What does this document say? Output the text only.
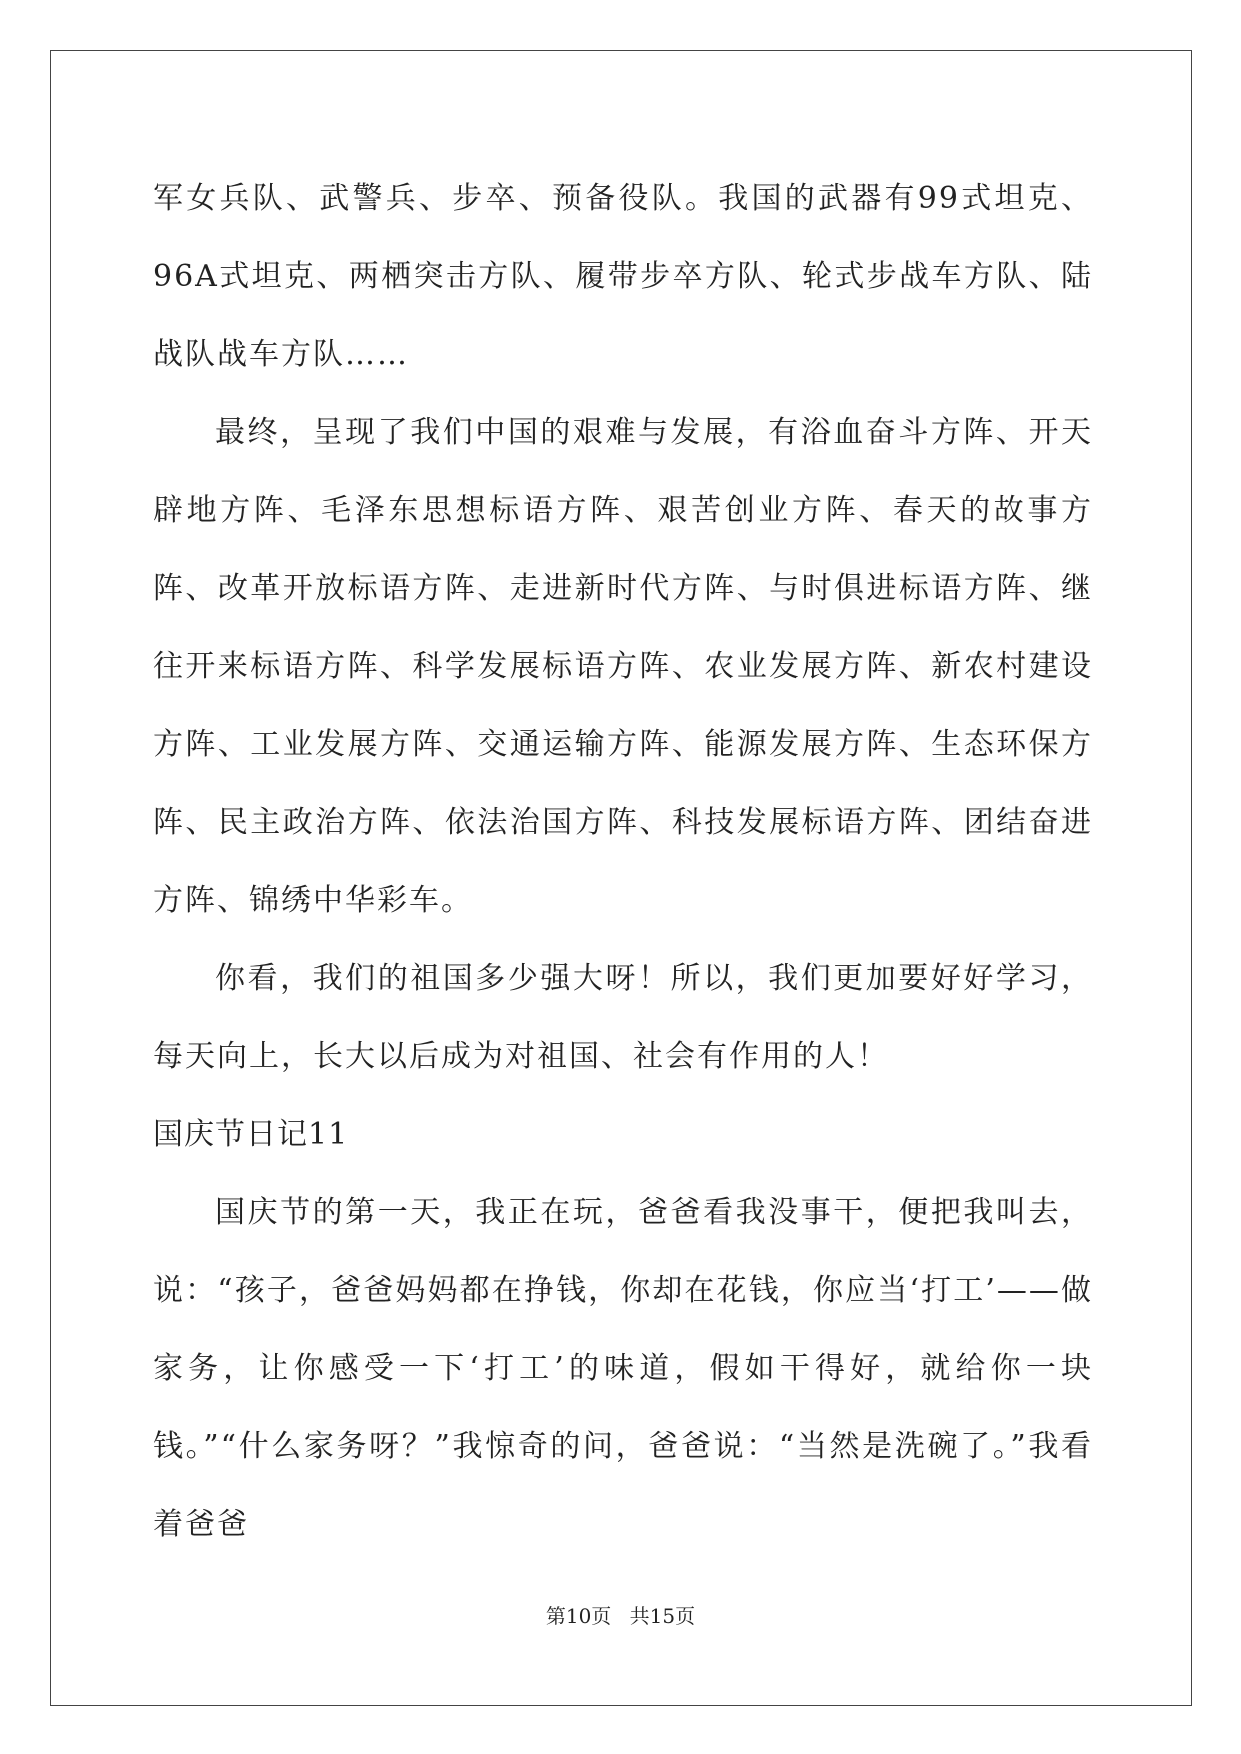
军女兵队、武警兵、步卒、预备役队。我国的武器有99式坦克、96A式坦克、两栖突击方队、履带步卒方队、轮式步战车方队、陆战队战车方队……

最终，呈现了我们中国的艰难与发展，有浴血奋斗方阵、开天辟地方阵、毛泽东思想标语方阵、艰苦创业方阵、春天的故事方阵、改革开放标语方阵、走进新时代方阵、与时俱进标语方阵、继往开来标语方阵、科学发展标语方阵、农业发展方阵、新农村建设方阵、工业发展方阵、交通运输方阵、能源发展方阵、生态环保方阵、民主政治方阵、依法治国方阵、科技发展标语方阵、团结奋进方阵、锦绣中华彩车。

你看，我们的祖国多少强大呀！所以，我们更加要好好学习，每天向上，长大以后成为对祖国、社会有作用的人！

国庆节日记11

国庆节的第一天，我正在玩，爸爸看我没事干，便把我叫去，说：“孩子，爸爸妈妈都在挣钱，你却在花钱，你应当‘打工’——做家务，让你感受一下‘打工’的味道，假如干得好，就给你一块钱。”“什么家务呀？”我惊奇的问，爸爸说：“当然是洗碗了。”我看着爸爸

第10页 共15页
